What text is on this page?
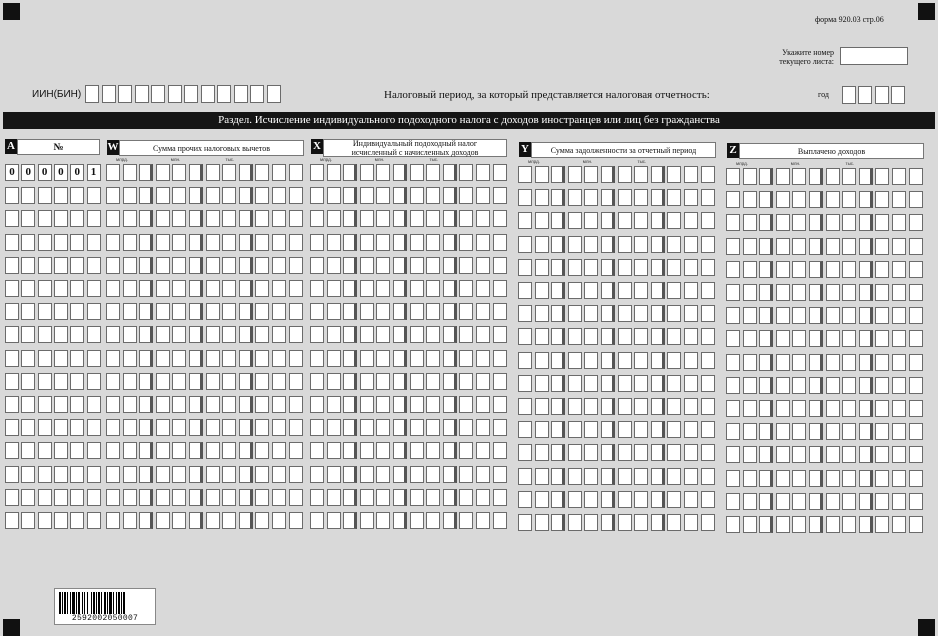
форма 920.03 стр.06
Укажите номер
текущего листа:
ИИН(БИН)	Налоговый период, за который представляется налоговая отчетность:	год
Раздел. Исчисление индивидуального подоходного налога с доходов иностранцев или лиц без гражданства
A	№	W	Сумма прочих налоговых вычетов	X	Индивидуальный подоходный налог исчисленный с начисленных доходов	Y	Сумма задолженности за отчетный период	Z	Выплачено доходов
млрд.	млн.	тыс.	млрд.	млн.	тыс.	млрд.	млн.	тыс.	млрд.	млн.	тыс.
0 0 0 0 0 1
2592002050007
